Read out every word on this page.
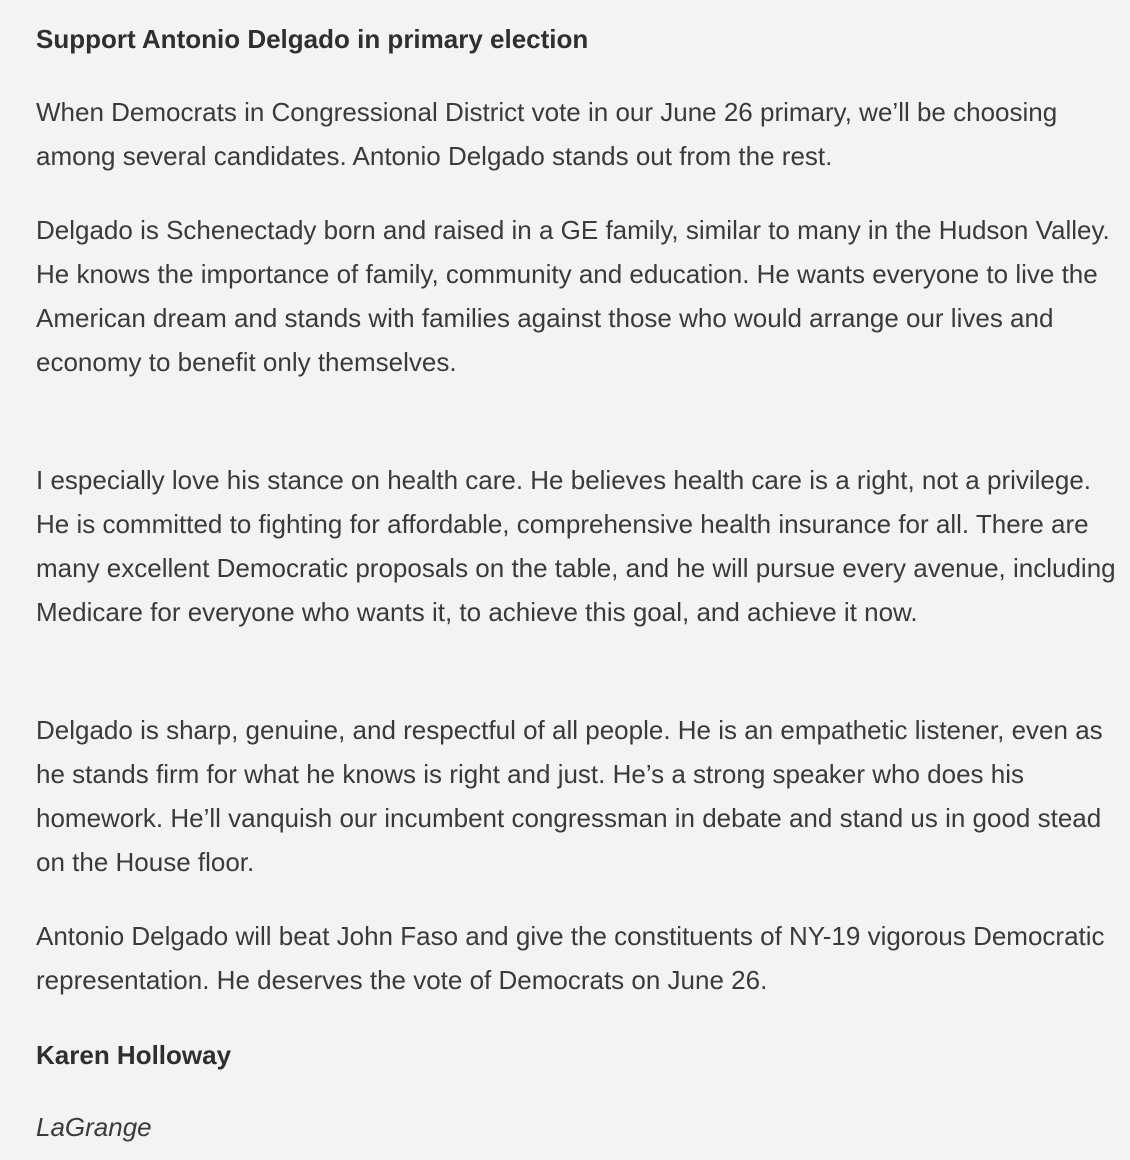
Support Antonio Delgado in primary election

When Democrats in Congressional District vote in our June 26 primary, we’ll be choosing among several candidates. Antonio Delgado stands out from the rest.

Delgado is Schenectady born and raised in a GE family, similar to many in the Hudson Valley. He knows the importance of family, community and education. He wants everyone to live the American dream and stands with families against those who would arrange our lives and economy to benefit only themselves.

I especially love his stance on health care. He believes health care is a right, not a privilege. He is committed to fighting for affordable, comprehensive health insurance for all. There are many excellent Democratic proposals on the table, and he will pursue every avenue, including Medicare for everyone who wants it, to achieve this goal, and achieve it now.

Delgado is sharp, genuine, and respectful of all people. He is an empathetic listener, even as he stands firm for what he knows is right and just. He’s a strong speaker who does his homework. He’ll vanquish our incumbent congressman in debate and stand us in good stead on the House floor.

Antonio Delgado will beat John Faso and give the constituents of NY-19 vigorous Democratic representation. He deserves the vote of Democrats on June 26.

Karen Holloway

LaGrange
